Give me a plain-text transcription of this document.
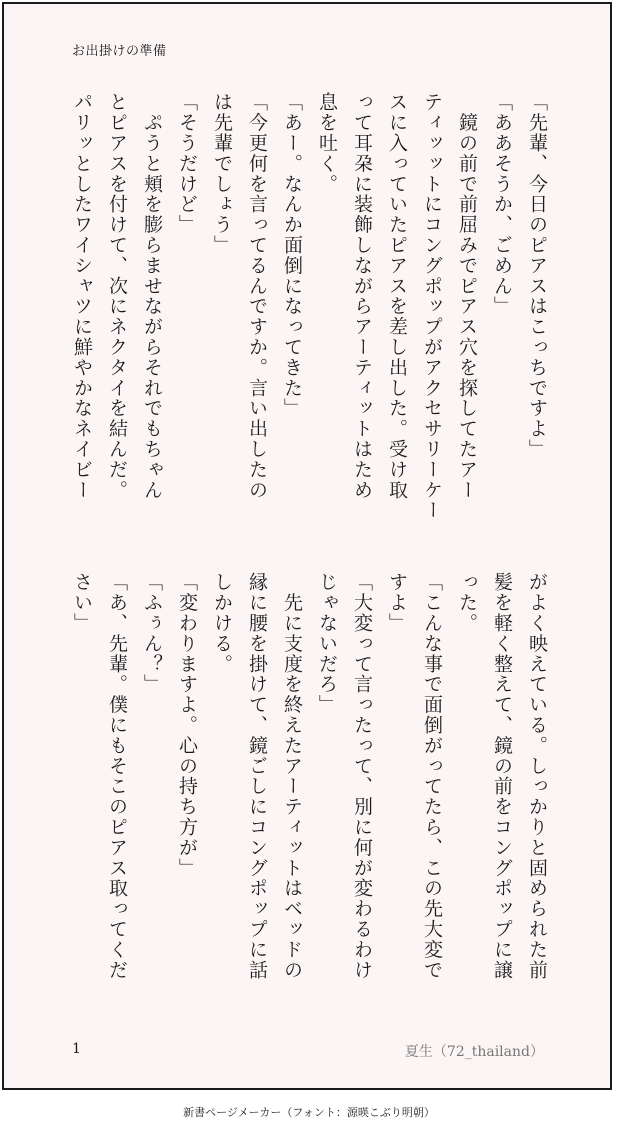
お出掛けの準備
「先輩、今日のピアスはこっちですよ」
「ああそうか、ごめん」
　鏡の前で前屈みでピアス穴を探してたアー
ティッットにコングポップがアクセサリーケー
スに入っていたピアスを差し出した。受け取
って耳朶に装飾しながらアーティットはため
息を吐く。
「あー。なんか面倒になってきた」
「今更何を言ってるんですか。言い出したの
は先輩でしょう」
「そうだけど」
　ぷうと頬を膨らませながらそれでもちゃん
とピアスを付けて、次にネクタイを結んだ。
パリッとしたワイシャツに鮮やかなネイビー
がよく映えている。しっかりと固められた前
髪を軽く整えて、鏡の前をコングポップに譲
った。
「こんな事で面倒がってたら、この先大変で
すよ」
「大変って言ったって、別に何が変わるわけ
じゃないだろ」
　先に支度を終えたアーティットはベッドの
縁に腰を掛けて、鏡ごしにコングポップに話
しかける。
「変わりますよ。心の持ち方が」
「ふぅん？」
「あ、先輩。僕にもそこのピアス取ってくだ
さい」
1	夏生（72_thailand）
新書ページメーカー（フォント：源暎こぶり明朝）
